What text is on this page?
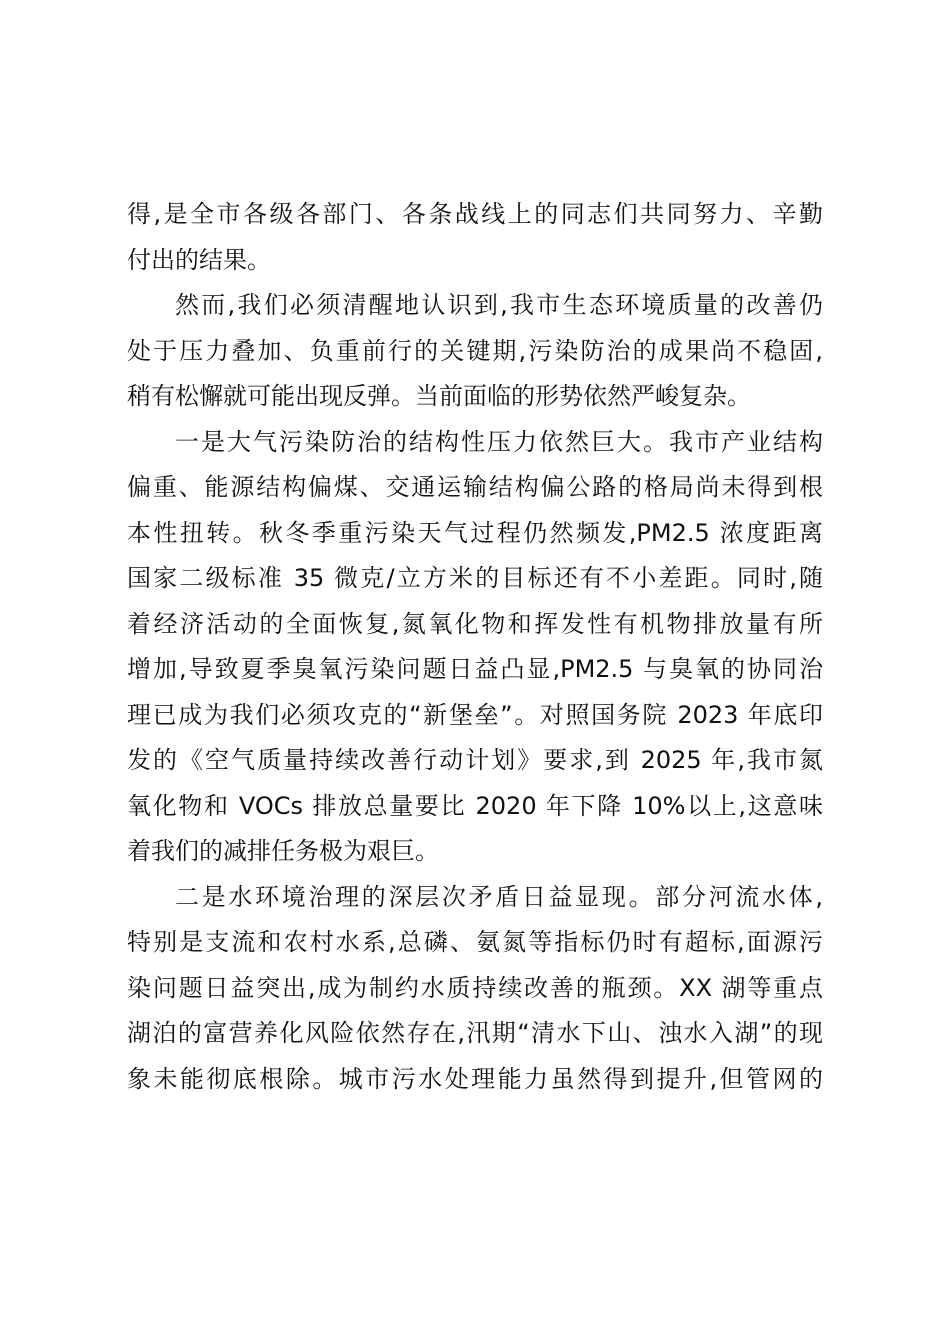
得,是全市各级各部门、各条战线上的同志们共同努力、辛勤
付出的结果。
然而,我们必须清醒地认识到,我市生态环境质量的改善仍
处于压力叠加、负重前行的关键期,污染防治的成果尚不稳固,
稍有松懈就可能出现反弹。当前面临的形势依然严峻复杂。
一是大气污染防治的结构性压力依然巨大。我市产业结构
偏重、能源结构偏煤、交通运输结构偏公路的格局尚未得到根
本性扭转。秋冬季重污染天气过程仍然频发,PM2.5 浓度距离
国家二级标准 35 微克/立方米的目标还有不小差距。同时,随
着经济活动的全面恢复,氮氧化物和挥发性有机物排放量有所
增加,导致夏季臭氧污染问题日益凸显,PM2.5 与臭氧的协同治
理已成为我们必须攻克的“新堡垒”。对照国务院 2023 年底印
发的《空气质量持续改善行动计划》要求,到 2025 年,我市氮
氧化物和 VOCs 排放总量要比 2020 年下降 10%以上,这意味
着我们的减排任务极为艰巨。
二是水环境治理的深层次矛盾日益显现。部分河流水体,
特别是支流和农村水系,总磷、氨氮等指标仍时有超标,面源污
染问题日益突出,成为制约水质持续改善的瓶颈。XX 湖等重点
湖泊的富营养化风险依然存在,汛期“清水下山、浊水入湖”的现
象未能彻底根除。城市污水处理能力虽然得到提升,但管网的
